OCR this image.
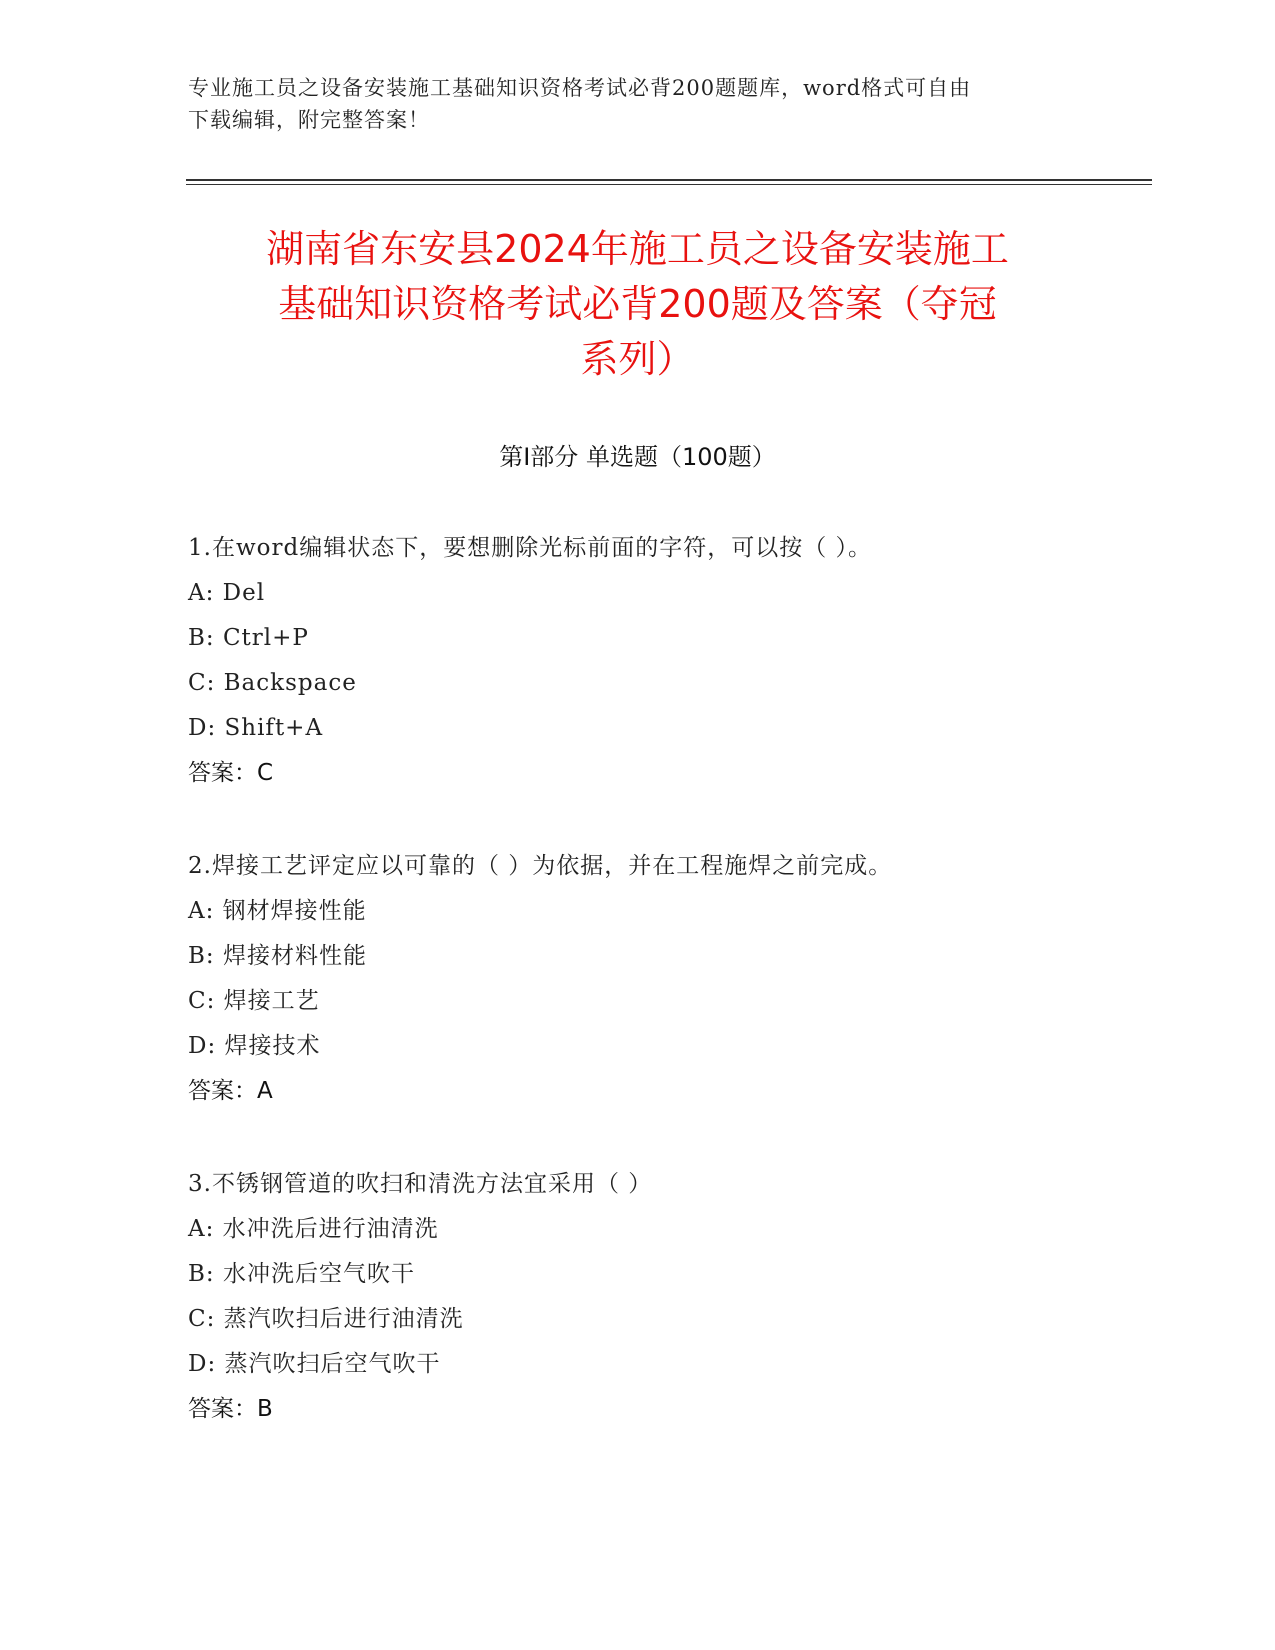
专业施工员之设备安装施工基础知识资格考试必背200题题库，word格式可自由
下载编辑，附完整答案！
湖南省东安县2024年施工员之设备安装施工
基础知识资格考试必背200题及答案（夺冠
系列）
第Ⅰ部分 单选题（100题）
1.在word编辑状态下，要想删除光标前面的字符，可以按（ ）。
A: Del
B: Ctrl+P
C: Backspace
D: Shift+A
答案：C
2.焊接工艺评定应以可靠的（ ）为依据，并在工程施焊之前完成。
A: 钢材焊接性能
B: 焊接材料性能
C: 焊接工艺
D: 焊接技术
答案：A
3.不锈钢管道的吹扫和清洗方法宜采用（ ）
A: 水冲洗后进行油清洗
B: 水冲洗后空气吹干
C: 蒸汽吹扫后进行油清洗
D: 蒸汽吹扫后空气吹干
答案：B
